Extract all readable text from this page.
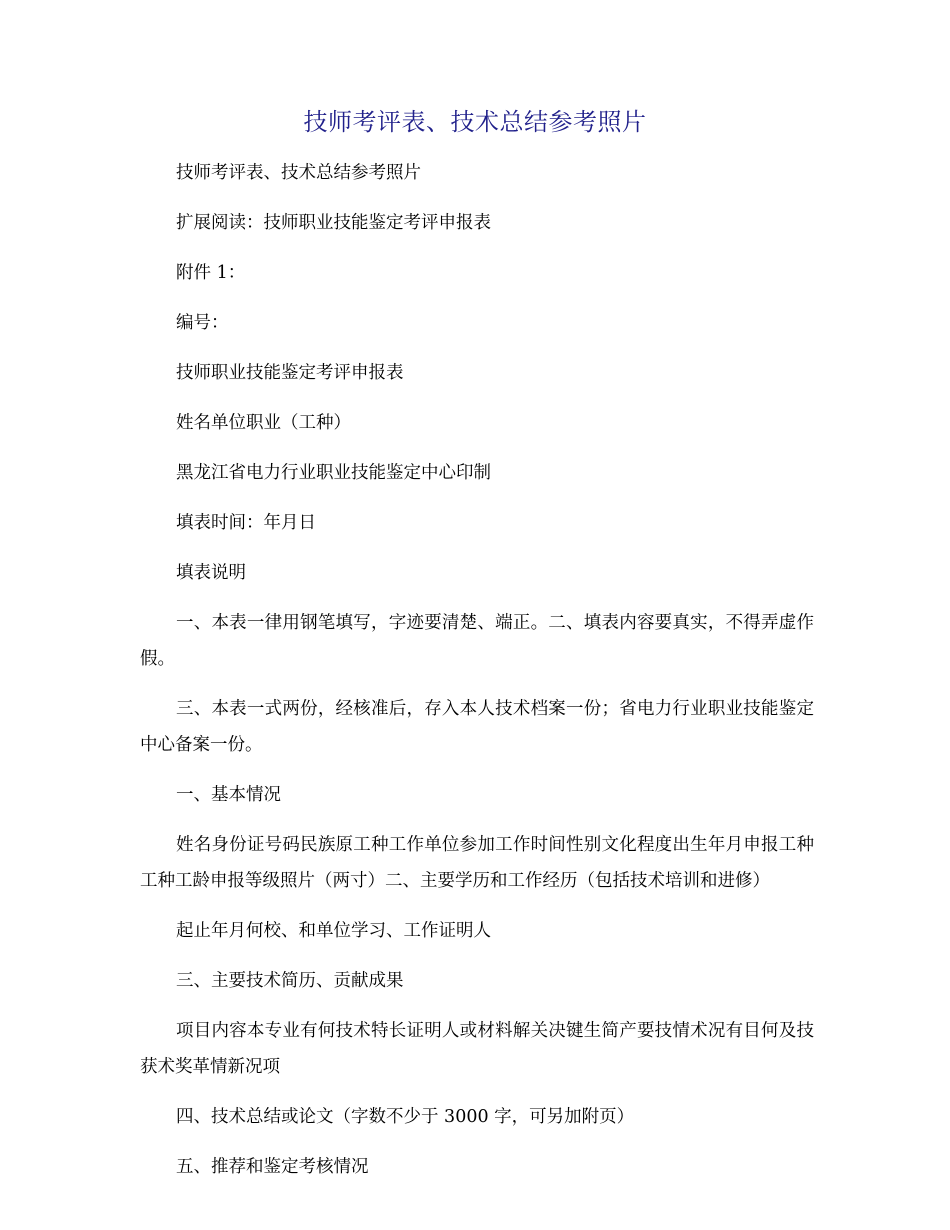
技师考评表、技术总结参考照片

技师考评表、技术总结参考照片

扩展阅读：技师职业技能鉴定考评申报表

附件 1：

编号：

技师职业技能鉴定考评申报表

姓名单位职业（工种）

黑龙江省电力行业职业技能鉴定中心印制

填表时间：年月日

填表说明

一、本表一律用钢笔填写，字迹要清楚、端正。二、填表内容要真实，不得弄虚作假。

三、本表一式两份，经核准后，存入本人技术档案一份；省电力行业职业技能鉴定中心备案一份。

一、基本情况

姓名身份证号码民族原工种工作单位参加工作时间性别文化程度出生年月申报工种工种工龄申报等级照片（两寸）二、主要学历和工作经历（包括技术培训和进修）

起止年月何校、和单位学习、工作证明人

三、主要技术简历、贡献成果

项目内容本专业有何技术特长证明人或材料解关决键生简产要技情术况有目何及技获术奖革情新况项

四、技术总结或论文（字数不少于 3000 字，可另加附页）

五、推荐和鉴定考核情况
